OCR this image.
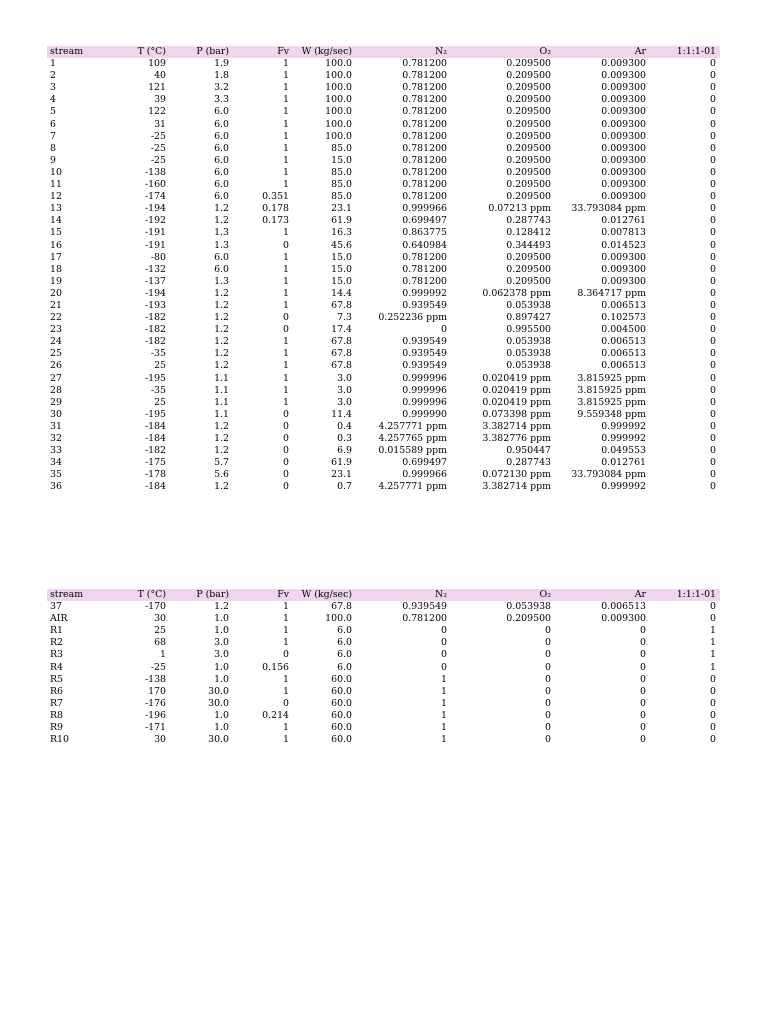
stream	T (°C)	P (bar)	Fv	W (kg/sec)	N₂	O₂	Ar	1:1:1-01
1	109	1.9	1	100.0	0.781200	0.209500	0.009300	0
2	40	1.8	1	100.0	0.781200	0.209500	0.009300	0
3	121	3.2	1	100.0	0.781200	0.209500	0.009300	0
4	39	3.3	1	100.0	0.781200	0.209500	0.009300	0
5	122	6.0	1	100.0	0.781200	0.209500	0.009300	0
6	31	6.0	1	100.0	0.781200	0.209500	0.009300	0
7	-25	6.0	1	100.0	0.781200	0.209500	0.009300	0
8	-25	6.0	1	85.0	0.781200	0.209500	0.009300	0
9	-25	6.0	1	15.0	0.781200	0.209500	0.009300	0
10	-138	6.0	1	85.0	0.781200	0.209500	0.009300	0
11	-160	6.0	1	85.0	0.781200	0.209500	0.009300	0
12	-174	6.0	0.351	85.0	0.781200	0.209500	0.009300	0
13	-194	1.2	0.178	23.1	0.999966	0.07213 ppm	33.793084 ppm	0
14	-192	1.2	0.173	61.9	0.699497	0.287743	0.012761	0
15	-191	1.3	1	16.3	0.863775	0.128412	0.007813	0
16	-191	1.3	0	45.6	0.640984	0.344493	0.014523	0
17	-80	6.0	1	15.0	0.781200	0.209500	0.009300	0
18	-132	6.0	1	15.0	0.781200	0.209500	0.009300	0
19	-137	1.3	1	15.0	0.781200	0.209500	0.009300	0
20	-194	1.2	1	14.4	0.999992	0.062378 ppm	8.364717 ppm	0
21	-193	1.2	1	67.8	0.939549	0.053938	0.006513	0
22	-182	1.2	0	7.3	0.252236 ppm	0.897427	0.102573	0
23	-182	1.2	0	17.4	0	0.995500	0.004500	0
24	-182	1.2	1	67.8	0.939549	0.053938	0.006513	0
25	-35	1.2	1	67.8	0.939549	0.053938	0.006513	0
26	25	1.2	1	67.8	0.939549	0.053938	0.006513	0
27	-195	1.1	1	3.0	0.999996	0.020419 ppm	3.815925 ppm	0
28	-35	1.1	1	3.0	0.999996	0.020419 ppm	3.815925 ppm	0
29	25	1.1	1	3.0	0.999996	0.020419 ppm	3.815925 ppm	0
30	-195	1.1	0	11.4	0.999990	0.073398 ppm	9.559348 ppm	0
31	-184	1.2	0	0.4	4.257771 ppm	3.382714 ppm	0.999992	0
32	-184	1.2	0	0.3	4.257765 ppm	3.382776 ppm	0.999992	0
33	-182	1.2	0	6.9	0.015589 ppm	0.950447	0.049553	0
34	-175	5.7	0	61.9	0.699497	0.287743	0.012761	0
35	-178	5.6	0	23.1	0.999966	0.072130 ppm	33.793084 ppm	0
36	-184	1.2	0	0.7	4.257771 ppm	3.382714 ppm	0.999992	0
stream	T (°C)	P (bar)	Fv	W (kg/sec)	N₂	O₂	Ar	1:1:1-01
37	-170	1.2	1	67.8	0.939549	0.053938	0.006513	0
AIR	30	1.0	1	100.0	0.781200	0.209500	0.009300	0
R1	25	1.0	1	6.0	0	0	0	1
R2	68	3.0	1	6.0	0	0	0	1
R3	1	3.0	0	6.0	0	0	0	1
R4	-25	1.0	0.156	6.0	0	0	0	1
R5	-138	1.0	1	60.0	1	0	0	0
R6	170	30.0	1	60.0	1	0	0	0
R7	-176	30.0	0	60.0	1	0	0	0
R8	-196	1.0	0.214	60.0	1	0	0	0
R9	-171	1.0	1	60.0	1	0	0	0
R10	30	30.0	1	60.0	1	0	0	0
